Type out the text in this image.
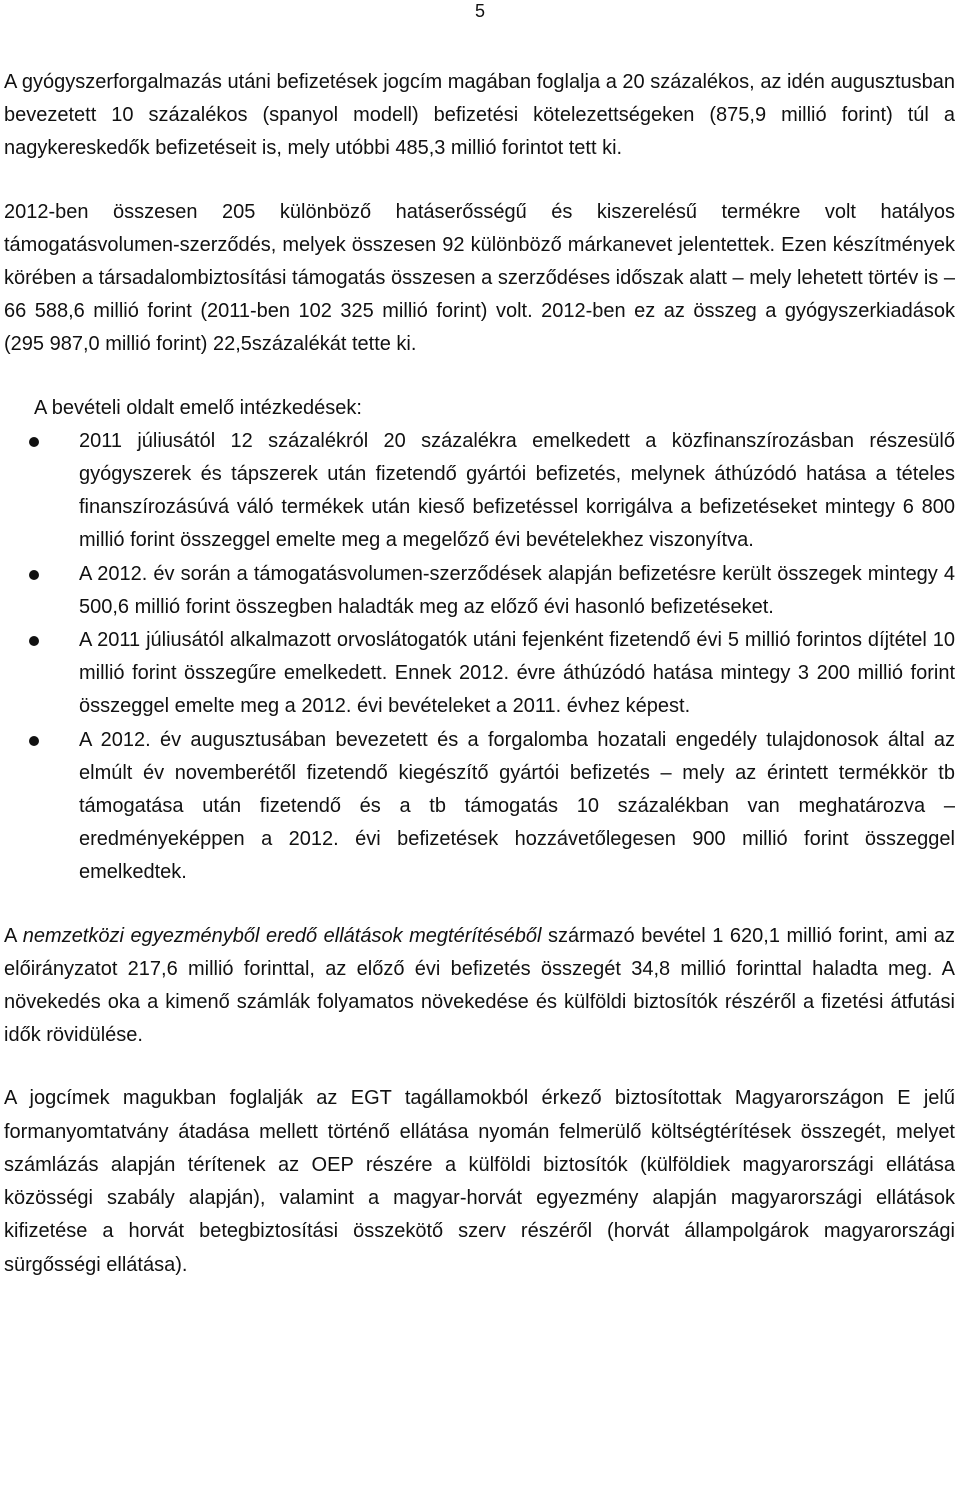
5

A gyógyszerforgalmazás utáni befizetések jogcím magában foglalja a 20 százalékos, az idén augusztusban bevezetett 10 százalékos (spanyol modell) befizetési kötelezettségeken (875,9 millió forint) túl a nagykereskedők befizetéseit is, mely utóbbi 485,3 millió forintot tett ki.

2012-ben összesen 205 különböző hatáserősségű és kiszerelésű termékre volt hatályos támogatásvolumen-szerződés, melyek összesen 92 különböző márkanevet jelentettek. Ezen készítmények körében a társadalombiztosítási támogatás összesen a szerződéses időszak alatt – mely lehetett törtév is – 66 588,6 millió forint (2011-ben 102 325 millió forint) volt. 2012-ben ez az összeg a gyógyszerkiadások (295 987,0 millió forint) 22,5százalékát tette ki.

A bevételi oldalt emelő intézkedések:

2011 júliusától 12 százalékról 20 százalékra emelkedett a közfinanszírozásban részesülő gyógyszerek és tápszerek után fizetendő gyártói befizetés, melynek áthúzódó hatása a tételes finanszírozásúvá váló termékek után kieső befizetéssel korrigálva a befizetéseket mintegy 6 800 millió forint összeggel emelte meg a megelőző évi bevételekhez viszonyítva.
A 2012. év során a támogatásvolumen-szerződések alapján befizetésre került összegek mintegy 4 500,6 millió forint összegben haladták meg az előző évi hasonló befizetéseket.
A 2011 júliusától alkalmazott orvoslátogatók utáni fejenként fizetendő évi 5 millió forintos díjtétel 10 millió forint összegűre emelkedett. Ennek 2012. évre áthúzódó hatása mintegy 3 200 millió forint összeggel emelte meg a 2012. évi bevételeket a 2011. évhez képest.
A 2012. év augusztusában bevezetett és a forgalomba hozatali engedély tulajdonosok által az elmúlt év novemberétől fizetendő kiegészítő gyártói befizetés – mely az érintett termékkör tb támogatása után fizetendő és a tb támogatás 10 százalékban van meghatározva – eredményeképpen a 2012. évi befizetések hozzávetőlegesen 900 millió forint összeggel emelkedtek.

A nemzetközi egyezményből eredő ellátások megtérítéséből származó bevétel 1 620,1 millió forint, ami az előirányzatot 217,6 millió forinttal, az előző évi befizetés összegét 34,8 millió forinttal haladta meg. A növekedés oka a kimenő számlák folyamatos növekedése és külföldi biztosítók részéről a fizetési átfutási idők rövidülése.

A jogcímek magukban foglalják az EGT tagállamokból érkező biztosítottak Magyarországon E jelű formanyomtatvány átadása mellett történő ellátása nyomán felmerülő költségtérítések összegét, melyet számlázás alapján térítenek az OEP részére a külföldi biztosítók (külföldiek magyarországi ellátása közösségi szabály alapján), valamint a magyar-horvát egyezmény alapján magyarországi ellátások kifizetése a horvát betegbiztosítási összekötő szerv részéről (horvát állampolgárok magyarországi sürgősségi ellátása).
